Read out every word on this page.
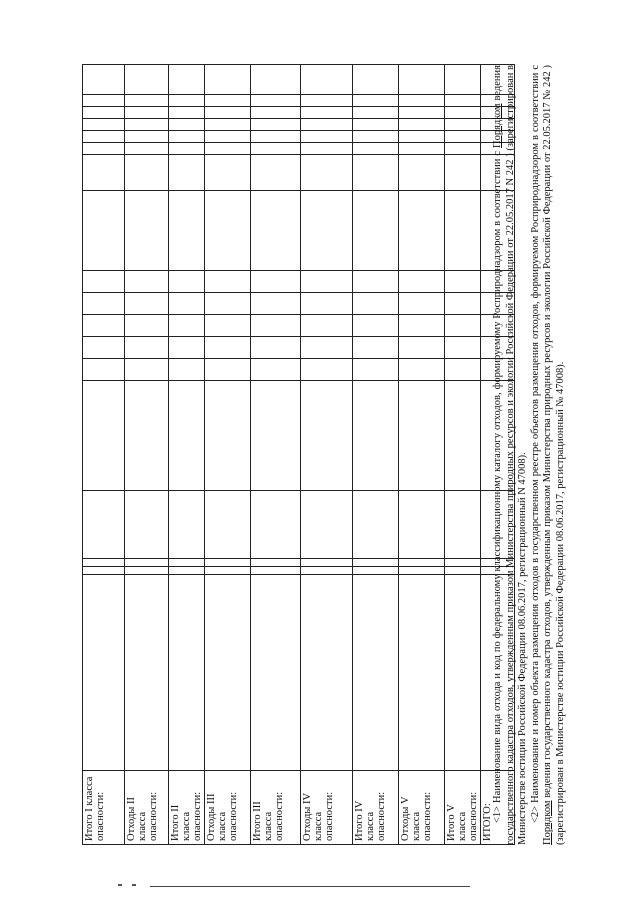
Итого I класса опасности:																		
Отходы II класса опасности:																		
Итого II класса опасности:																		
Отходы III класса опасности:																		
Итого III класса опасности:																		
Отходы IV класса опасности:																		
Итого IV класса опасности:																		
Отходы V класса опасности:																		
Итого V класса опасности:																		
ИТОГО:																		<1> Наименование вида отхода и код по федеральному классификационному каталогу отходов, формируемому Росприроднадзором в соответствии с Порядком ведения государственного кадастра отходов, утвержденным приказом Министерства природных ресурсов и экологии Российской Федерации от 22.05.2017 N 242 ) (зарегистрирован в Министерстве юстиции Российской Федерации 08.06.2017, регистрационный N 47008). <2> Наименование и номер объекта размещения отходов в государственном реестре объектов размещения отходов, формируемом Росприроднадзором в соответствии с Порядком ведения государственного кадастра отходов, утвержденным приказом Министерства природных ресурсов и экологии Российской Федерации от 22.05.2017 № 242 ) (зарегистрирован в Министерстве юстиции Российской Федерации 08.06.2017, регистрационный № 47008).
